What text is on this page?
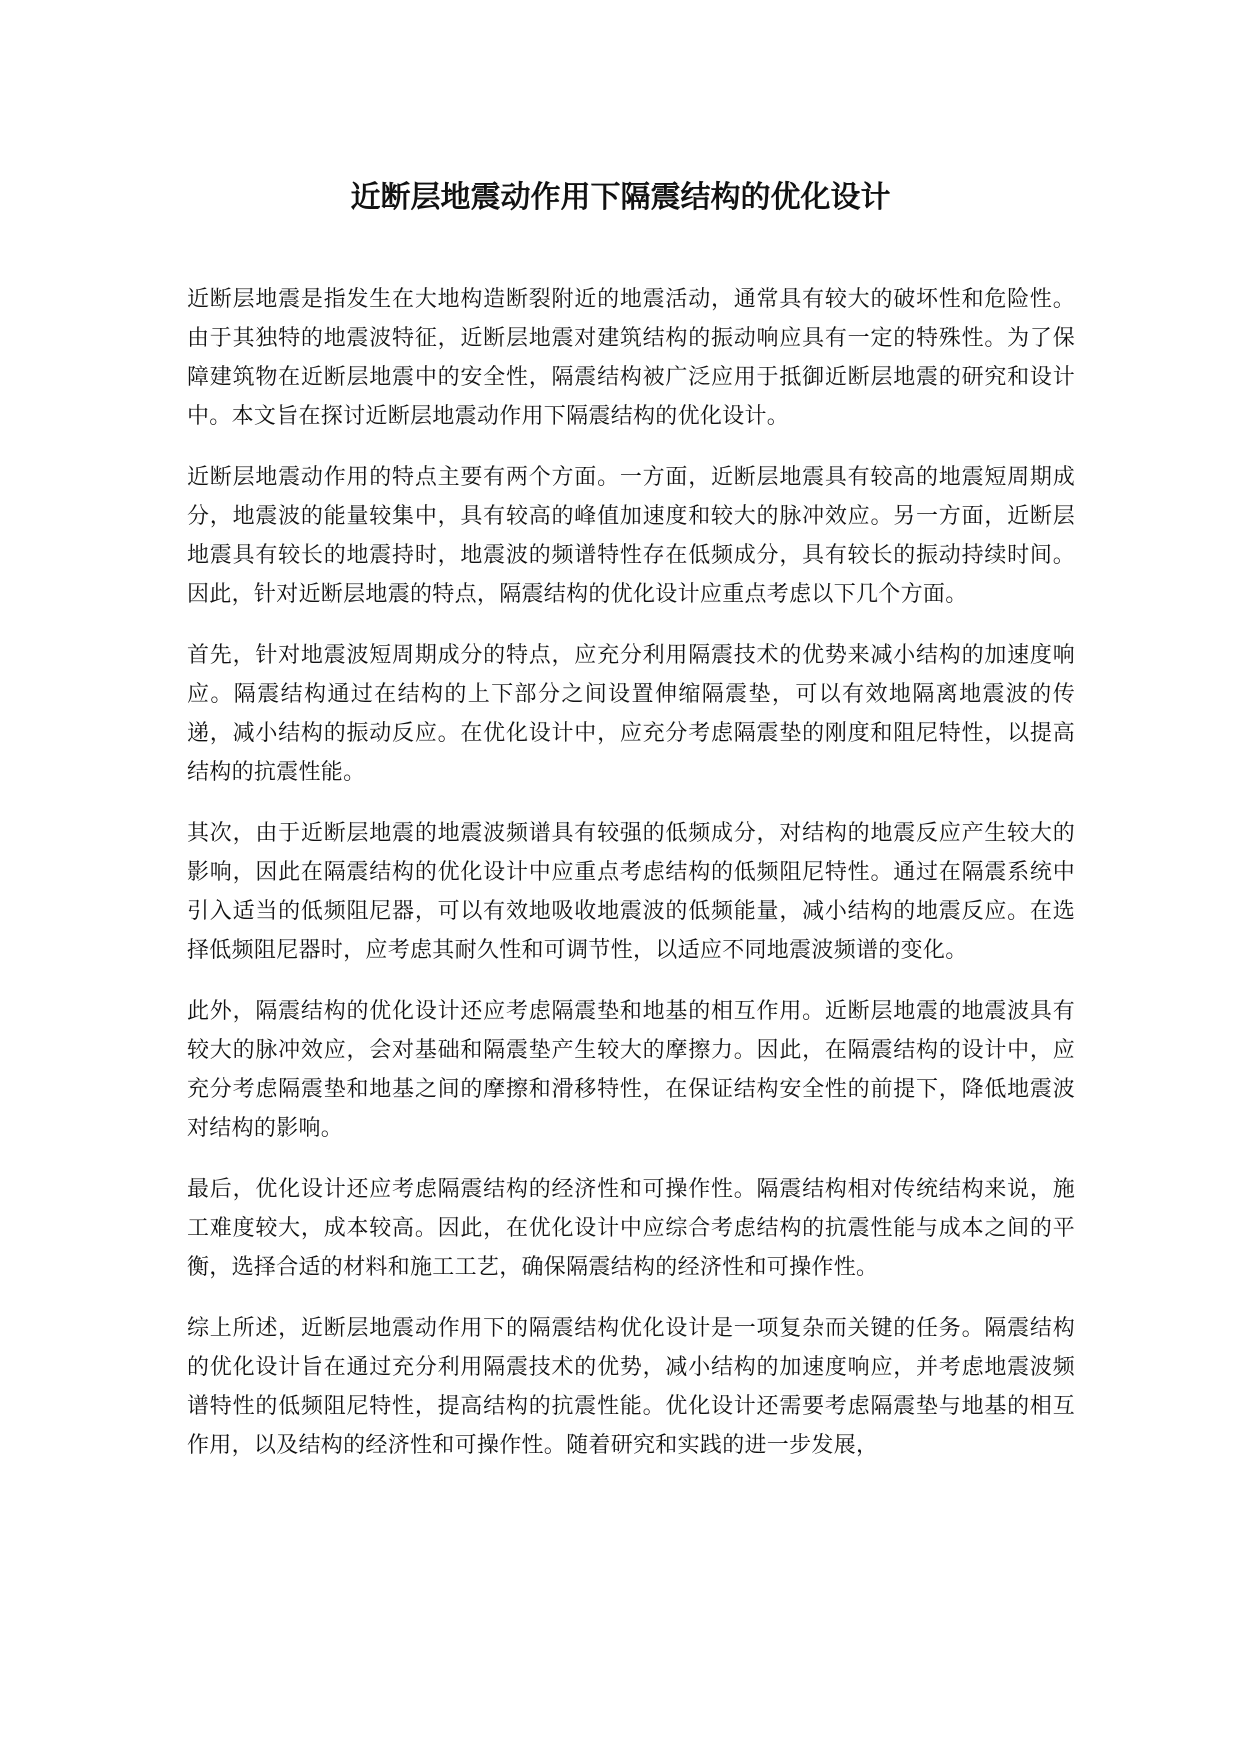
近断层地震动作用下隔震结构的优化设计

近断层地震是指发生在大地构造断裂附近的地震活动，通常具有较大的破坏性和危险性。由于其独特的地震波特征，近断层地震对建筑结构的振动响应具有一定的特殊性。为了保障建筑物在近断层地震中的安全性，隔震结构被广泛应用于抵御近断层地震的研究和设计中。本文旨在探讨近断层地震动作用下隔震结构的优化设计。

近断层地震动作用的特点主要有两个方面。一方面，近断层地震具有较高的地震短周期成分，地震波的能量较集中，具有较高的峰值加速度和较大的脉冲效应。另一方面，近断层地震具有较长的地震持时，地震波的频谱特性存在低频成分，具有较长的振动持续时间。因此，针对近断层地震的特点，隔震结构的优化设计应重点考虑以下几个方面。

首先，针对地震波短周期成分的特点，应充分利用隔震技术的优势来减小结构的加速度响应。隔震结构通过在结构的上下部分之间设置伸缩隔震垫，可以有效地隔离地震波的传递，减小结构的振动反应。在优化设计中，应充分考虑隔震垫的刚度和阻尼特性，以提高结构的抗震性能。

其次，由于近断层地震的地震波频谱具有较强的低频成分，对结构的地震反应产生较大的影响，因此在隔震结构的优化设计中应重点考虑结构的低频阻尼特性。通过在隔震系统中引入适当的低频阻尼器，可以有效地吸收地震波的低频能量，减小结构的地震反应。在选择低频阻尼器时，应考虑其耐久性和可调节性，以适应不同地震波频谱的变化。

此外，隔震结构的优化设计还应考虑隔震垫和地基的相互作用。近断层地震的地震波具有较大的脉冲效应，会对基础和隔震垫产生较大的摩擦力。因此，在隔震结构的设计中，应充分考虑隔震垫和地基之间的摩擦和滑移特性，在保证结构安全性的前提下，降低地震波对结构的影响。

最后，优化设计还应考虑隔震结构的经济性和可操作性。隔震结构相对传统结构来说，施工难度较大，成本较高。因此，在优化设计中应综合考虑结构的抗震性能与成本之间的平衡，选择合适的材料和施工工艺，确保隔震结构的经济性和可操作性。

综上所述，近断层地震动作用下的隔震结构优化设计是一项复杂而关键的任务。隔震结构的优化设计旨在通过充分利用隔震技术的优势，减小结构的加速度响应，并考虑地震波频谱特性的低频阻尼特性，提高结构的抗震性能。优化设计还需要考虑隔震垫与地基的相互作用，以及结构的经济性和可操作性。随着研究和实践的进一步发展，
